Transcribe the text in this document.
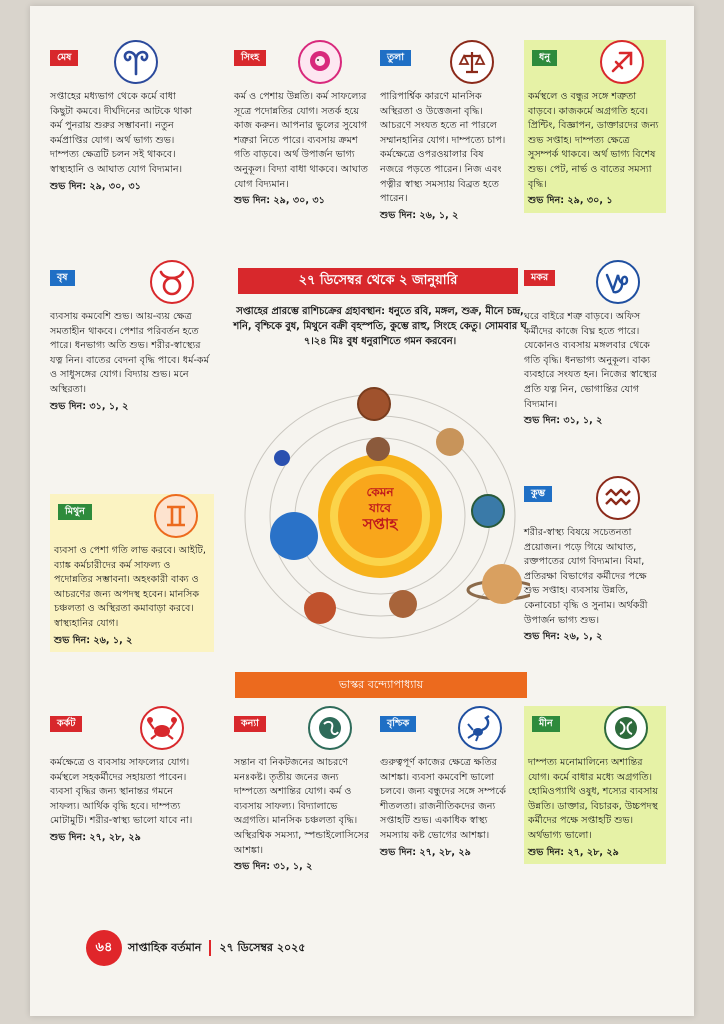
মেষ
সপ্তাহের মধ্যভাগ থেকে কর্মে বাধা কিছুটা কমবে। দীর্ঘদিনের আটকে থাকা কর্ম পুনরায় শুরুর সম্ভাবনা। নতুন কর্মপ্রাপ্তির যোগ। অর্থ ভাগ্য শুভ। দাম্পত্য ক্ষেত্রটি চলন সই থাকবে। স্বাস্থ্যহানি ও আঘাত যোগ বিদ্যমান।
শুভ দিন: ২৯, ৩০, ৩১
সিংহ
কর্ম ও পেশায় উন্নতি। কর্ম সাফল্যের সূত্রে পদোন্নতির যোগ। সতর্ক হয়ে কাজ করুন। আপনার ভুলের সুযোগ শত্রুরা নিতে পারে। ব্যবসায় ক্রমশ গতি বাড়বে। অর্থ উপার্জন ভাগ্য অনুকূল। বিদ্যা বাধা থাকবে। আঘাত যোগ বিদ্যমান।
শুভ দিন: ২৯, ৩০, ৩১
তুলা
পারিপার্শ্বিক কারণে মানসিক অস্থিরতা ও উত্তেজনা বৃদ্ধি। আচরণে সংযত হতে না পারলে সম্মানহানির যোগ। দাম্পত্যে চাপ। কর্মক্ষেত্রে ওপরওয়ালার বিষ নজরে পড়তে পারেন। নিজ এবং পত্নীর স্বাস্থ্য সমস্যায় বিব্রত হতে পারেন।
শুভ দিন: ২৬, ১, ২
ধনু
কর্মস্থলে ও বন্ধুর সঙ্গে শত্রুতা বাড়বে। কাজকর্মে অগ্রগতি হবে। প্রিন্টিং, বিজ্ঞাপন, ডাক্তারদের জন্য শুভ সপ্তাহ। দাম্পত্য ক্ষেত্রে সুসম্পর্ক থাকবে। অর্থ ভাগ্য বিশেষ শুভ। পেট, নার্ভ ও বাতের সমস্যা বৃদ্ধি।
শুভ দিন: ২৯, ৩০, ১
২৭ ডিসেম্বর থেকে ২ জানুয়ারি
সপ্তাহের প্রারম্ভে রাশিচক্রের গ্রহাবস্থান: ধনুতে রবি, মঙ্গল, শুক্র, মীনে চন্দ্র, শনি, বৃশ্চিকে বুধ, মিথুনে বক্রী বৃহস্পতি, কুম্ভে রাহু, সিংহে কেতু। সোমবার ঘ ৭।২৪ মিঃ বুধ ধনুরাশিতে গমন করবেন।
কেমন
যাবে
সপ্তাহ
বৃষ
ব্যবসায় কমবেশি শুভ। আয়-ব্যয় ক্ষেত্র সমতাহীন থাকবে। পেশার পরিবর্তন হতে পারে। ধনভাগ্য অতি শুভ। শরীর-স্বাস্থ্যের যত্ন নিন। বাতের বেদনা বৃদ্ধি পাবে। ধর্ম-কর্ম ও সাধুসঙ্গের যোগ। বিদ্যায় শুভ। মনে অস্থিরতা।
শুভ দিন: ৩১, ১, ২
মিথুন
ব্যবসা ও পেশা গতি লাভ করবে। আইটি, ব্যাঙ্ক কর্মচারীদের কর্ম সাফল্য ও পদোন্নতির সম্ভাবনা। অহংকারী বাক্য ও আচরণের জন্য অপদস্থ হবেন। মানসিক চঞ্চলতা ও অস্থিরতা কমাবাড়া করবে। স্বাস্থ্যহানির যোগ।
শুভ দিন: ২৬, ১, ২
মকর
ঘরে বাইরে শত্রু বাড়বে। অফিস কর্মীদের কাজে বিঘ্ন হতে পারে। যেকোনও ব্যবসায় মঙ্গলবার থেকে গতি বৃদ্ধি। ধনভাগ্য অনুকূল। বাক্য ব্যবহারে সংযত হন। নিজের স্বাস্থ্যের প্রতি যত্ন নিন, ভোগান্তির যোগ বিদ্যমান।
শুভ দিন: ৩১, ১, ২
কুম্ভ
শরীর-স্বাস্থ্য বিষয়ে সচেতনতা প্রয়োজন। পড়ে গিয়ে আঘাত, রক্তপাতের যোগ বিদ্যমান। বিমা, প্রতিরক্ষা বিভাগের কর্মীদের পক্ষে শুভ সপ্তাহ। ব্যবসায় উন্নতি, কেনাবেচা বৃদ্ধি ও সুনাম। অর্থকরী উপার্জন ভাগ্য শুভ।
শুভ দিন: ২৬, ১, ২
ভাস্কর বন্দ্যোপাধ্যায়
কর্কট
কর্মক্ষেত্রে ও ব্যবসায় সাফল্যের যোগ। কর্মস্থলে সহকর্মীদের সহায়তা পাবেন। ব্যবসা বৃদ্ধির জন্য স্থানান্তর গমনে সাফল্য। আর্থিক বৃদ্ধি হবে। দাম্পত্য মোটামুটি। শরীর-স্বাস্থ্য ভালো যাবে না।
শুভ দিন: ২৭, ২৮, ২৯
কন্যা
সন্তান বা নিকটজনের আচরণে মনঃকষ্ট। তৃতীয় জনের জন্য দাম্পত্যে অশান্তির যোগ। কর্ম ও ব্যবসায় সাফল্য। বিদ্যালাভে অগ্রগতি। মানসিক চঞ্চলতা বৃদ্ধি। অস্থিরশ্বিক সমস্যা, স্পন্ডাইলোসিসের আশঙ্কা।
শুভ দিন: ৩১, ১, ২
বৃশ্চিক
গুরুত্বপূর্ণ কাজের ক্ষেত্রে ক্ষতির আশঙ্কা। ব্যবসা কমবেশি ভালো চলবে। জন্য বন্ধুদের সঙ্গে সম্পর্কে শীতলতা। রাজনীতিকদের জন্য সপ্তাহটি শুভ। একাধিক স্বাস্থ্য সমস্যায় কষ্ট ভোগের আশঙ্কা।
শুভ দিন: ২৭, ২৮, ২৯
মীন
দাম্পত্য মনোমালিন্যে অশান্তির যোগ। কর্মে বাধার মধ্যে অগ্রগতি। হোমিওপ্যাথি ওষুধ, শস্যের ব্যবসায় উন্নতি। ডাক্তার, বিচারক, উচ্চপদস্থ কর্মীদের পক্ষে সপ্তাহটি শুভ। অর্থভাগ্য ভালো।
শুভ দিন: ২৭, ২৮, ২৯
৬৪	সাপ্তাহিক বর্তমান ২৭ ডিসেম্বর ২০২৫
